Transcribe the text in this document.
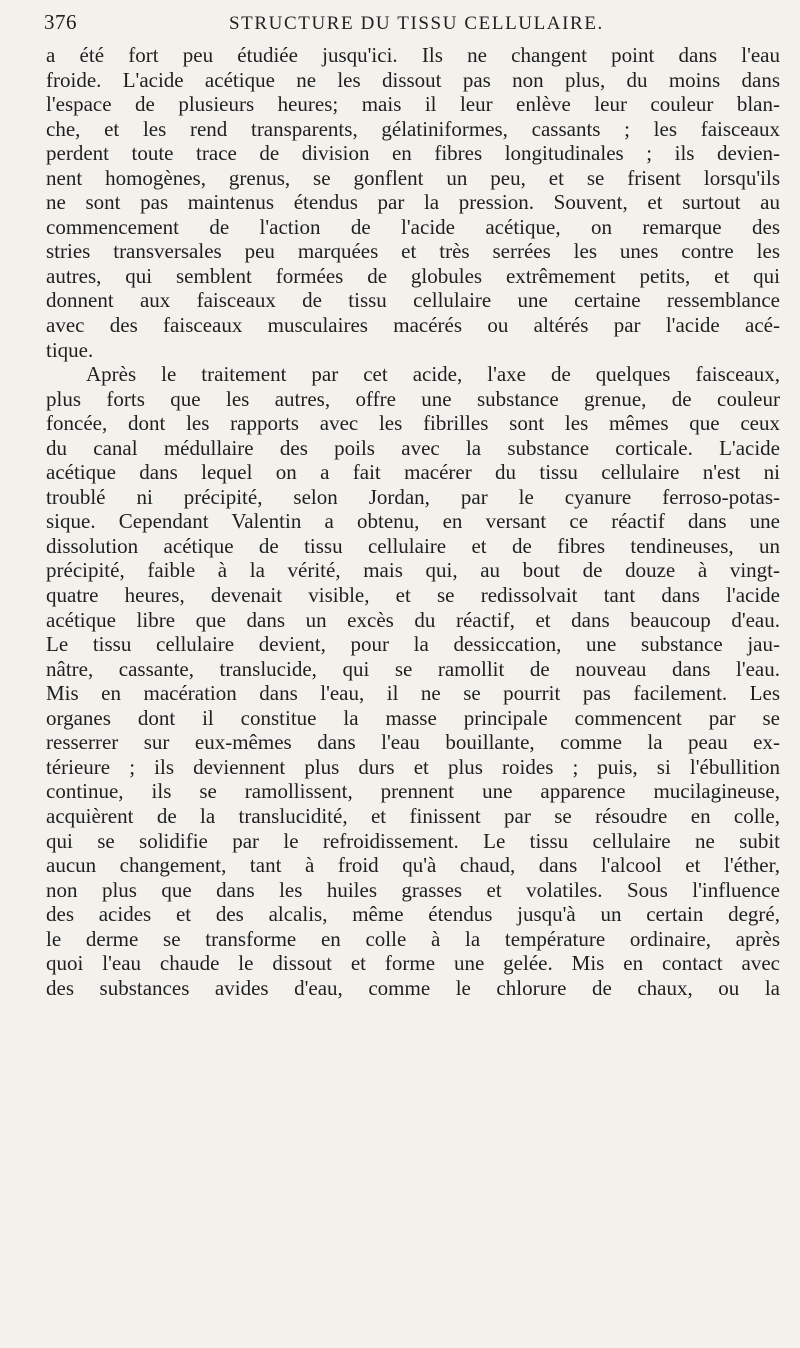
376	STRUCTURE DU TISSU CELLULAIRE.
a été fort peu étudiée jusqu'ici. Ils ne changent point dans l'eau
froide. L'acide acétique ne les dissout pas non plus, du moins dans
l'espace de plusieurs heures; mais il leur enlève leur couleur blan-
che, et les rend transparents, gélatiniformes, cassants ; les faisceaux
perdent toute trace de division en fibres longitudinales ; ils devien-
nent homogènes, grenus, se gonflent un peu, et se frisent lorsqu'ils
ne sont pas maintenus étendus par la pression. Souvent, et surtout au
commencement de l'action de l'acide acétique, on remarque des
stries transversales peu marquées et très serrées les unes contre les
autres, qui semblent formées de globules extrêmement petits, et qui
donnent aux faisceaux de tissu cellulaire une certaine ressemblance
avec des faisceaux musculaires macérés ou altérés par l'acide acé-
tique.
Après le traitement par cet acide, l'axe de quelques faisceaux,
plus forts que les autres, offre une substance grenue, de couleur
foncée, dont les rapports avec les fibrilles sont les mêmes que ceux
du canal médullaire des poils avec la substance corticale. L'acide
acétique dans lequel on a fait macérer du tissu cellulaire n'est ni
troublé ni précipité, selon Jordan, par le cyanure ferroso-potas-
sique. Cependant Valentin a obtenu, en versant ce réactif dans une
dissolution acétique de tissu cellulaire et de fibres tendineuses, un
précipité, faible à la vérité, mais qui, au bout de douze à vingt-
quatre heures, devenait visible, et se redissolvait tant dans l'acide
acétique libre que dans un excès du réactif, et dans beaucoup d'eau.
Le tissu cellulaire devient, pour la dessiccation, une substance jau-
nâtre, cassante, translucide, qui se ramollit de nouveau dans l'eau.
Mis en macération dans l'eau, il ne se pourrit pas facilement. Les
organes dont il constitue la masse principale commencent par se
resserrer sur eux-mêmes dans l'eau bouillante, comme la peau ex-
térieure ; ils deviennent plus durs et plus roides ; puis, si l'ébullition
continue, ils se ramollissent, prennent une apparence mucilagineuse,
acquièrent de la translucidité, et finissent par se résoudre en colle,
qui se solidifie par le refroidissement. Le tissu cellulaire ne subit
aucun changement, tant à froid qu'à chaud, dans l'alcool et l'éther,
non plus que dans les huiles grasses et volatiles. Sous l'influence
des acides et des alcalis, même étendus jusqu'à un certain degré,
le derme se transforme en colle à la température ordinaire, après
quoi l'eau chaude le dissout et forme une gelée. Mis en contact avec
des substances avides d'eau, comme le chlorure de chaux, ou la
